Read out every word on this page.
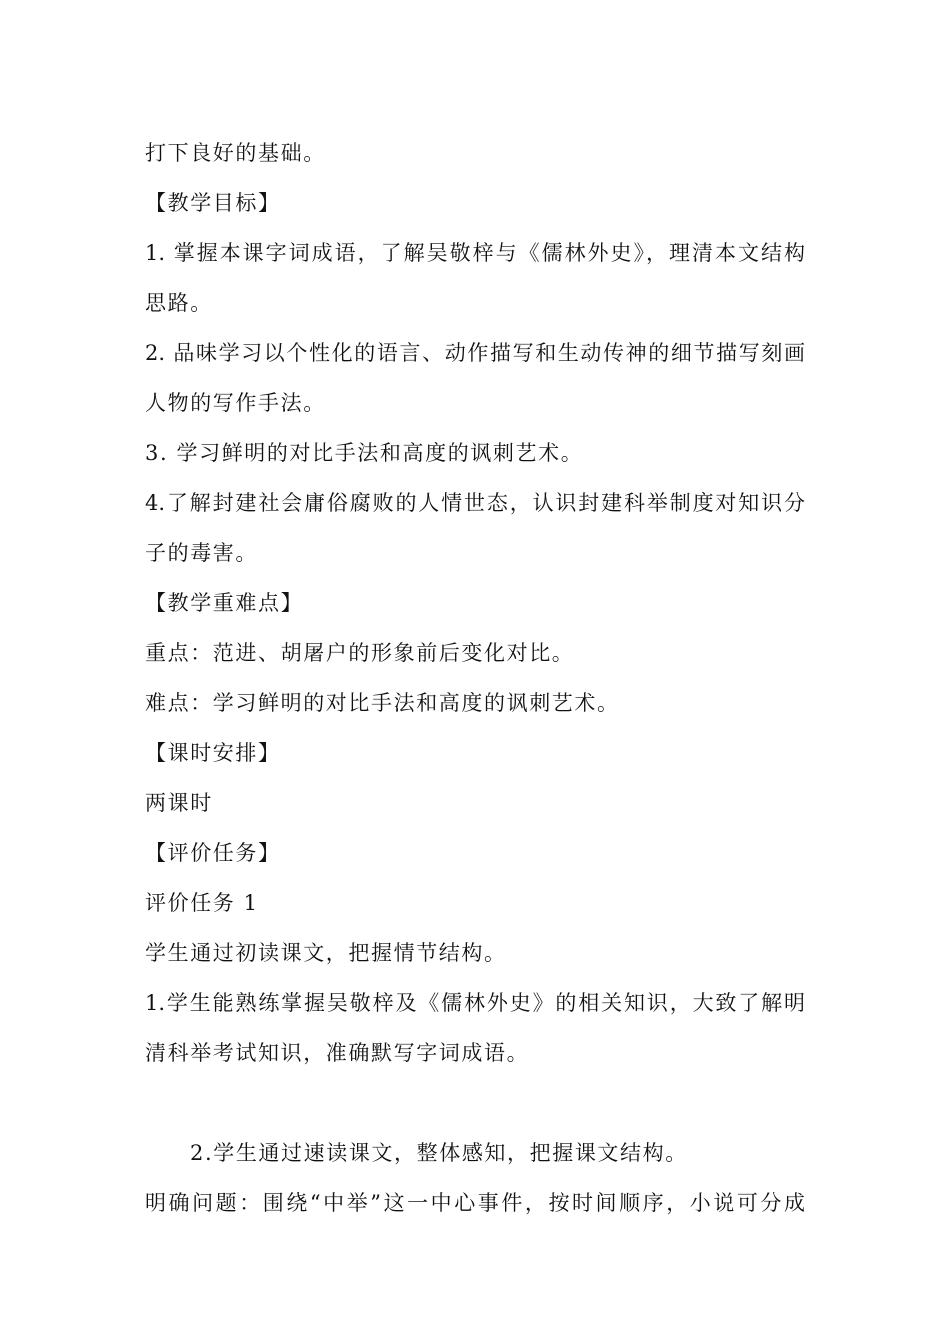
打下良好的基础。
【教学目标】
1. 掌握本课字词成语，了解吴敬梓与《儒林外史》，理清本文结构
思路。
2. 品味学习以个性化的语言、动作描写和生动传神的细节描写刻画
人物的写作手法。
3. 学习鲜明的对比手法和高度的讽刺艺术。
4.了解封建社会庸俗腐败的人情世态，认识封建科举制度对知识分
子的毒害。
【教学重难点】
重点：范进、胡屠户的形象前后变化对比。
难点：学习鲜明的对比手法和高度的讽刺艺术。
【课时安排】
两课时
【评价任务】
评价任务 1
学生通过初读课文，把握情节结构。
1.学生能熟练掌握吴敬梓及《儒林外史》的相关知识，大致了解明
清科举考试知识，准确默写字词成语。
2.学生通过速读课文，整体感知，把握课文结构。
明确问题：围绕“中举”这一中心事件，按时间顺序，小说可分成
